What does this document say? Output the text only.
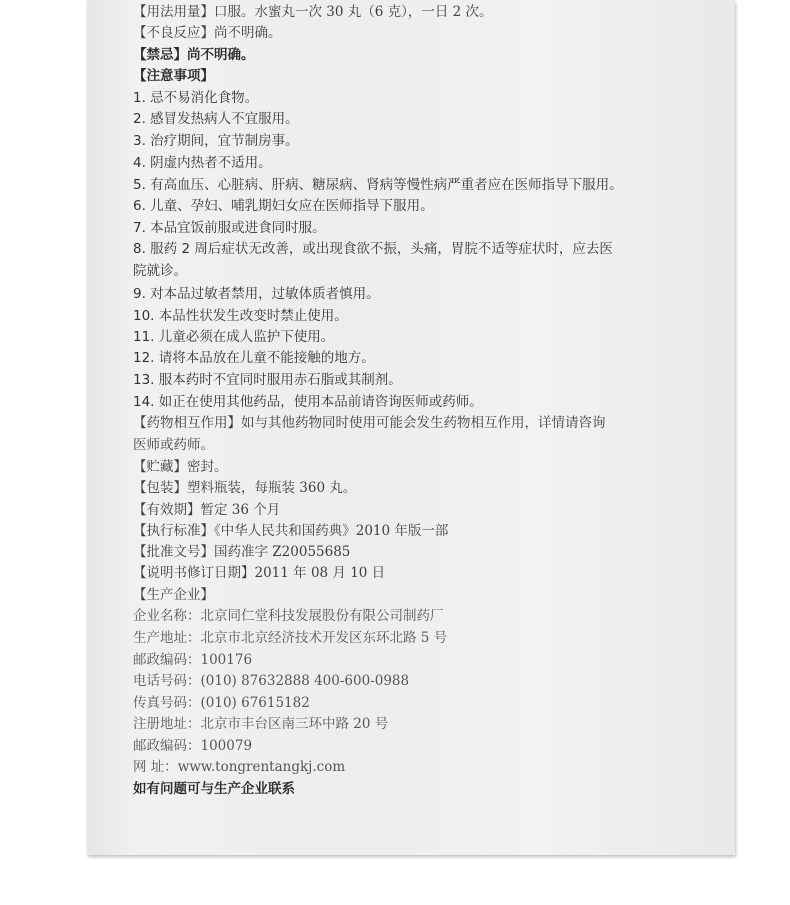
【用法用量】口服。水蜜丸一次 30 丸（6 克），一日 2 次。
【不良反应】尚不明确。
【禁忌】尚不明确。
【注意事项】
1. 忌不易消化食物。
2. 感冒发热病人不宜服用。
3. 治疗期间，宜节制房事。
4. 阴虚内热者不适用。
5. 有高血压、心脏病、肝病、糖尿病、肾病等慢性病严重者应在医师指导下服用。
6. 儿童、孕妇、哺乳期妇女应在医师指导下服用。
7. 本品宜饭前服或进食同时服。
8. 服药 2 周后症状无改善，或出现食欲不振，头痛，胃脘不适等症状时，应去医
院就诊。
9. 对本品过敏者禁用，过敏体质者慎用。
10. 本品性状发生改变时禁止使用。
11. 儿童必须在成人监护下使用。
12. 请将本品放在儿童不能接触的地方。
13. 服本药时不宜同时服用赤石脂或其制剂。
14. 如正在使用其他药品，使用本品前请咨询医师或药师。
【药物相互作用】如与其他药物同时使用可能会发生药物相互作用，详情请咨询
医师或药师。
【贮藏】密封。
【包装】塑料瓶装，每瓶装 360 丸。
【有效期】暂定 36 个月
【执行标准】《中华人民共和国药典》2010 年版一部
【批准文号】国药准字 Z20055685
【说明书修订日期】2011 年 08 月 10 日
【生产企业】
企业名称：北京同仁堂科技发展股份有限公司制药厂
生产地址：北京市北京经济技术开发区东环北路 5 号
邮政编码：100176
电话号码：(010) 87632888 400-600-0988
传真号码：(010) 67615182
注册地址：北京市丰台区南三环中路 20 号
邮政编码：100079
网 址：www.tongrentangkj.com
如有问题可与生产企业联系
